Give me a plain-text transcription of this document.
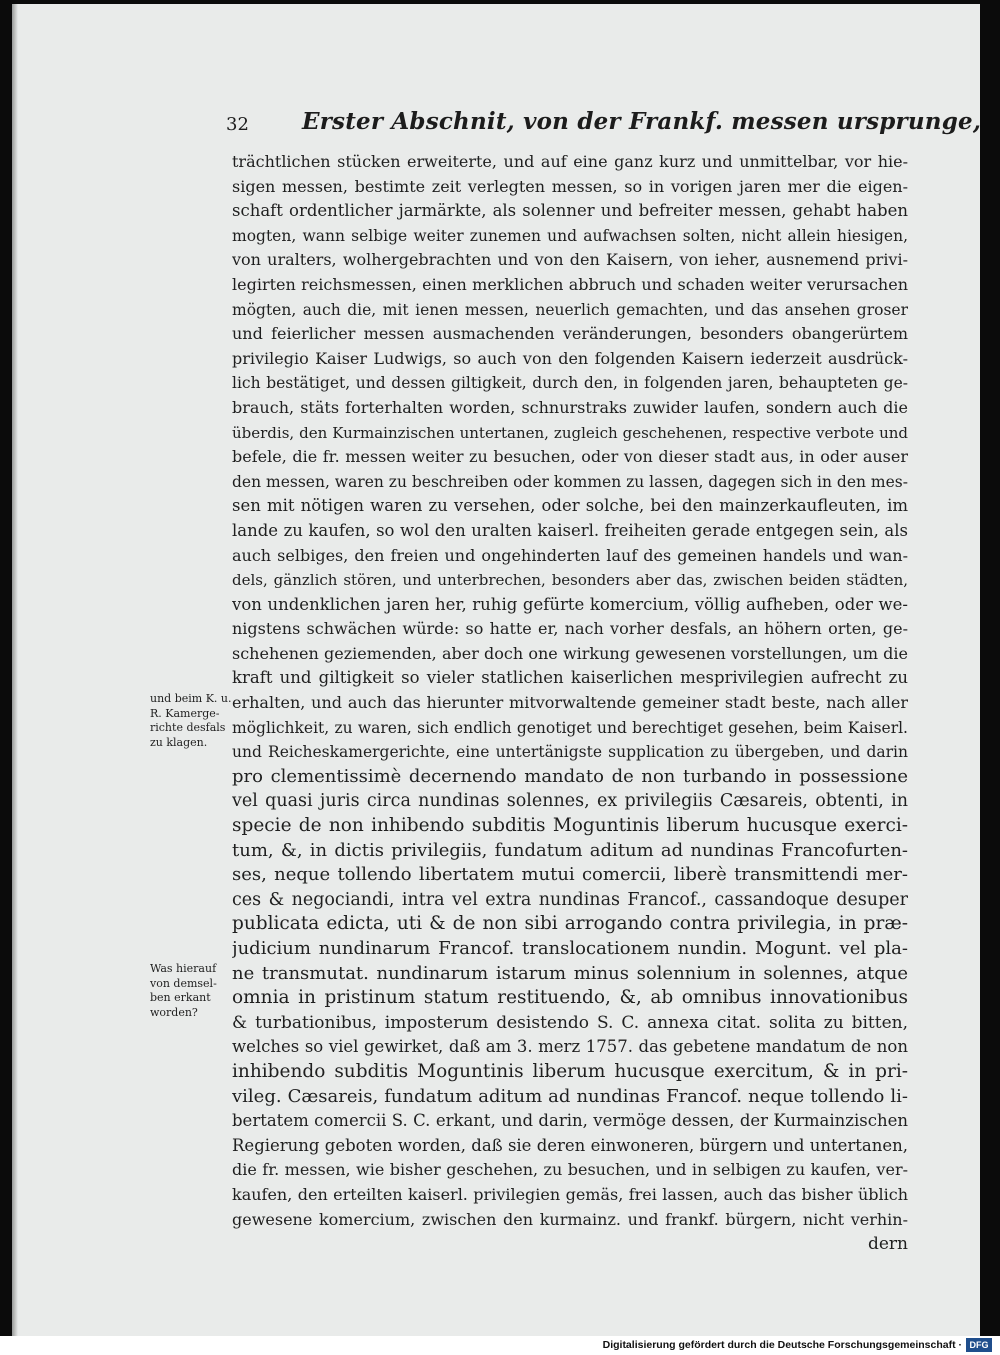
32 Erster Abschnit, von der Frankf. messen ursprunge,
und beim K. u.
R. Kamerge-
richte desfals
zu klagen.
Was hierauf
von demsel-
ben erkant
worden?
trächtlichen stücken erweiterte, und auf eine ganz kurz und unmittelbar, vor hie-
sigen messen, bestimte zeit verlegten messen, so in vorigen jaren mer die eigen-
schaft ordentlicher jarmärkte, als solenner und befreiter messen, gehabt haben
mogten, wann selbige weiter zunemen und aufwachsen solten, nicht allein hiesigen,
von uralters, wolhergebrachten und von den Kaisern, von ieher, ausnemend privi-
legirten reichsmessen, einen merklichen abbruch und schaden weiter verursachen
mögten, auch die, mit ienen messen, neuerlich gemachten, und das ansehen groser
und feierlicher messen ausmachenden veränderungen, besonders obangerürtem
privilegio Kaiser Ludwigs, so auch von den folgenden Kaisern iederzeit ausdrück-
lich bestätiget, und dessen giltigkeit, durch den, in folgenden jaren, behaupteten ge-
brauch, stäts forterhalten worden, schnurstraks zuwider laufen, sondern auch die
überdis, den Kurmainzischen untertanen, zugleich geschehenen, respective verbote und
befele, die fr. messen weiter zu besuchen, oder von dieser stadt aus, in oder auser
den messen, waren zu beschreiben oder kommen zu lassen, dagegen sich in den mes-
sen mit nötigen waren zu versehen, oder solche, bei den mainzerkaufleuten, im
lande zu kaufen, so wol den uralten kaiserl. freiheiten gerade entgegen sein, als
auch selbiges, den freien und ongehinderten lauf des gemeinen handels und wan-
dels, gänzlich stören, und unterbrechen, besonders aber das, zwischen beiden städten,
von undenklichen jaren her, ruhig gefürte komercium, völlig aufheben, oder we-
nigstens schwächen würde: so hatte er, nach vorher desfals, an höhern orten, ge-
schehenen geziemenden, aber doch one wirkung gewesenen vorstellungen, um die
kraft und giltigkeit so vieler statlichen kaiserlichen mesprivilegien aufrecht zu
erhalten, und auch das hierunter mitvorwaltende gemeiner stadt beste, nach aller
möglichkeit, zu waren, sich endlich genotiget und berechtiget gesehen, beim Kaiserl.
und Reicheskamergerichte, eine untertänigste supplication zu übergeben, und darin
pro clementissimè decernendo mandato de non turbando in possessione
vel quasi juris circa nundinas solennes, ex privilegiis Cæsareis, obtenti, in
specie de non inhibendo subditis Moguntinis liberum hucusque exerci-
tum, &, in dictis privilegiis, fundatum aditum ad nundinas Francofurten-
ses, neque tollendo libertatem mutui comercii, liberè transmittendi mer-
ces & negociandi, intra vel extra nundinas Francof., cassandoque desuper
publicata edicta, uti & de non sibi arrogando contra privilegia, in præ-
judicium nundinarum Francof. translocationem nundin. Mogunt. vel pla-
ne transmutat. nundinarum istarum minus solennium in solennes, atque
omnia in pristinum statum restituendo, &, ab omnibus innovationibus
& turbationibus, imposterum desistendo S. C. annexa citat. solita zu bitten,
welches so viel gewirket, daß am 3. merz 1757. das gebetene mandatum de non
inhibendo subditis Moguntinis liberum hucusque exercitum, & in pri-
vileg. Cæsareis, fundatum aditum ad nundinas Francof. neque tollendo li-
bertatem comercii S. C. erkant, und darin, vermöge dessen, der Kurmainzischen
Regierung geboten worden, daß sie deren einwoneren, bürgern und untertanen,
die fr. messen, wie bisher geschehen, zu besuchen, und in selbigen zu kaufen, ver-
kaufen, den erteilten kaiserl. privilegien gemäs, frei lassen, auch das bisher üblich
gewesene komercium, zwischen den kurmainz. und frankf. bürgern, nicht verhin-
dern
Digitalisierung gefördert durch die Deutsche Forschungsgemeinschaft · DFG
